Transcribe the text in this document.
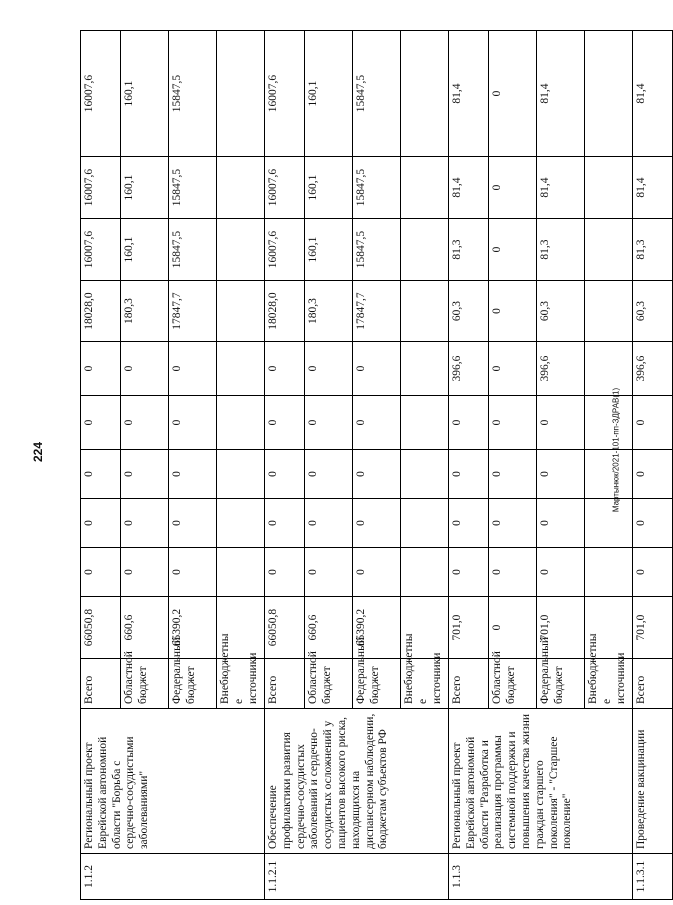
224	Мартынюк/2021-101-пп-ЗДРАВ(1)
1.1.2	Региональный проект Еврейской автономной области "Борьба с сердечно-сосудистыми заболеваниями"	Всего	66050,8	0	0	0	0	0	18028,0	16007,6	16007,6	16007,6
		Областной бюджет	660,6	0	0	0	0	0	180,3	160,1	160,1	160,1
		Федеральный бюджет	65390,2	0	0	0	0	0	17847,7	15847,5	15847,5	15847,5
		Внебюджетны е источники										
1.1.2.1	Обеспечение профилактики развития сердечно-сосудистых заболеваний и сердечно-сосудистых осложнений у пациентов высокого риска, находящихся на диспансерном наблюдении, бюджетам субъектов РФ	Всего	66050,8	0	0	0	0	0	18028,0	16007,6	16007,6	16007,6
		Областной бюджет	660,6	0	0	0	0	0	180,3	160,1	160,1	160,1
		Федеральный бюджет	65390,2	0	0	0	0	0	17847,7	15847,5	15847,5	15847,5
		Внебюджетны е источники										
1.1.3	Региональный проект Еврейской автономной области "Разработка и реализация программы системной поддержки и повышения качества жизни граждан старшего поколения" - "Старшее поколение"	Всего	701,0	0	0	0	0	396,6	60,3	81,3	81,4	81,4
		Областной бюджет	0	0	0	0	0	0	0	0	0	0
		Федеральный бюджет	701,0	0	0	0	0	396,6	60,3	81,3	81,4	81,4
		Внебюджетны е источники										
1.1.3.1	Проведение вакцинации	Всего	701,0	0	0	0	0	396,6	60,3	81,3	81,4	81,4
